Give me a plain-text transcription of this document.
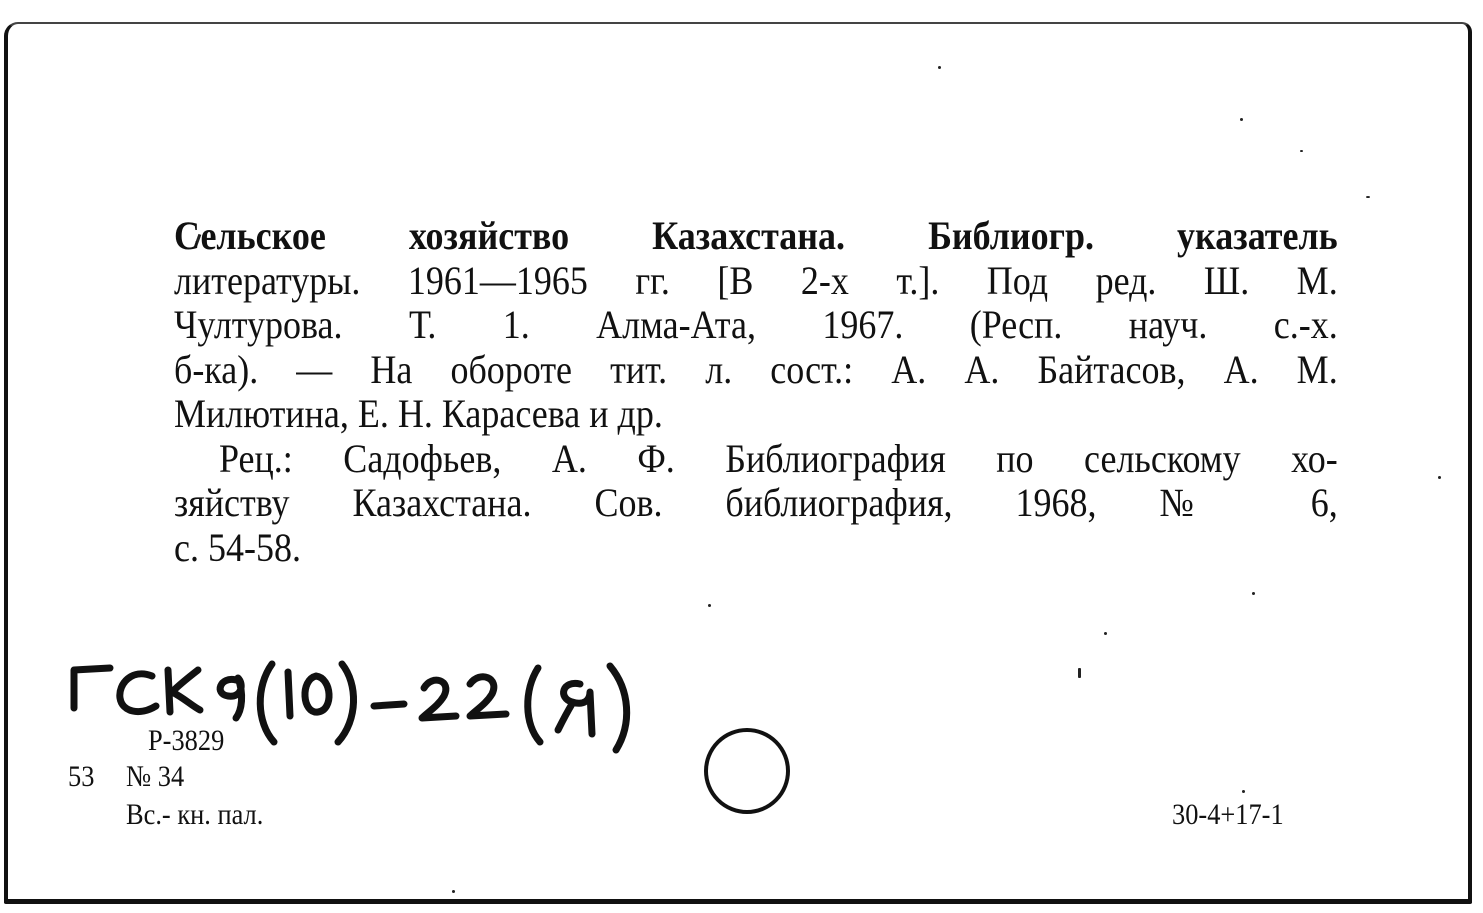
Сельское хозяйство Казахстана. Библиогр. указатель
литературы. 1961—1965 гг. [В 2-х т.]. Под ред. Ш. М.
Чултурова. Т. 1. Алма-Ата, 1967. (Респ. науч. с.-х.
б-ка). — На обороте тит. л. сост.: А. А. Байтасов, А. М.
Милютина, Е. Н. Карасева и др.
Рец.: Садофьев, А. Ф. Библиография по сельскому хо-
зяйству Казахстана. Сов. библиография, 1968, № 6,
с. 54-58.
Р-3829
53 № 34
Вс.- кн. пал.	30-4+17-1
